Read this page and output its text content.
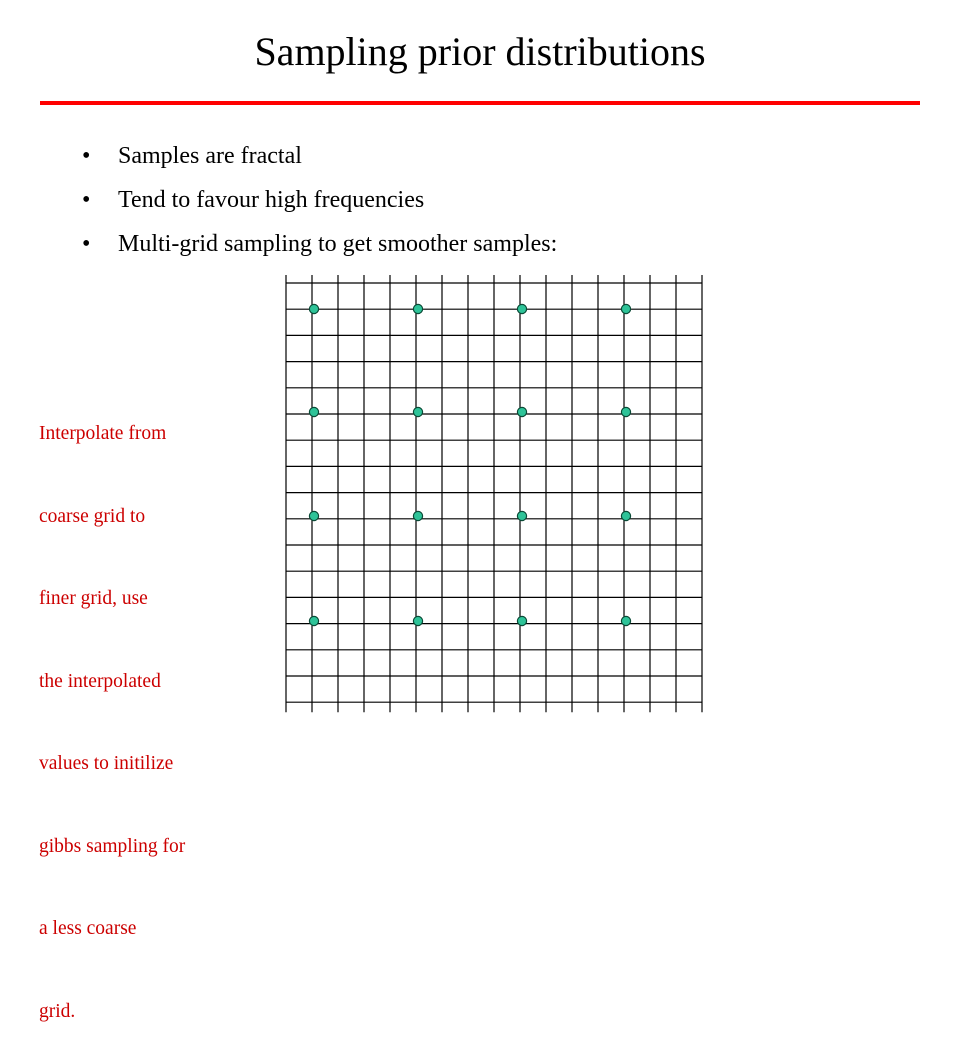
Sampling prior distributions
• Samples are fractal
• Tend to favour high frequencies
• Multi-grid sampling to get smoother samples:

Interpolate from

coarse grid to

finer grid, use

the interpolated

values to initilize

gibbs sampling for

a less coarse

grid.
